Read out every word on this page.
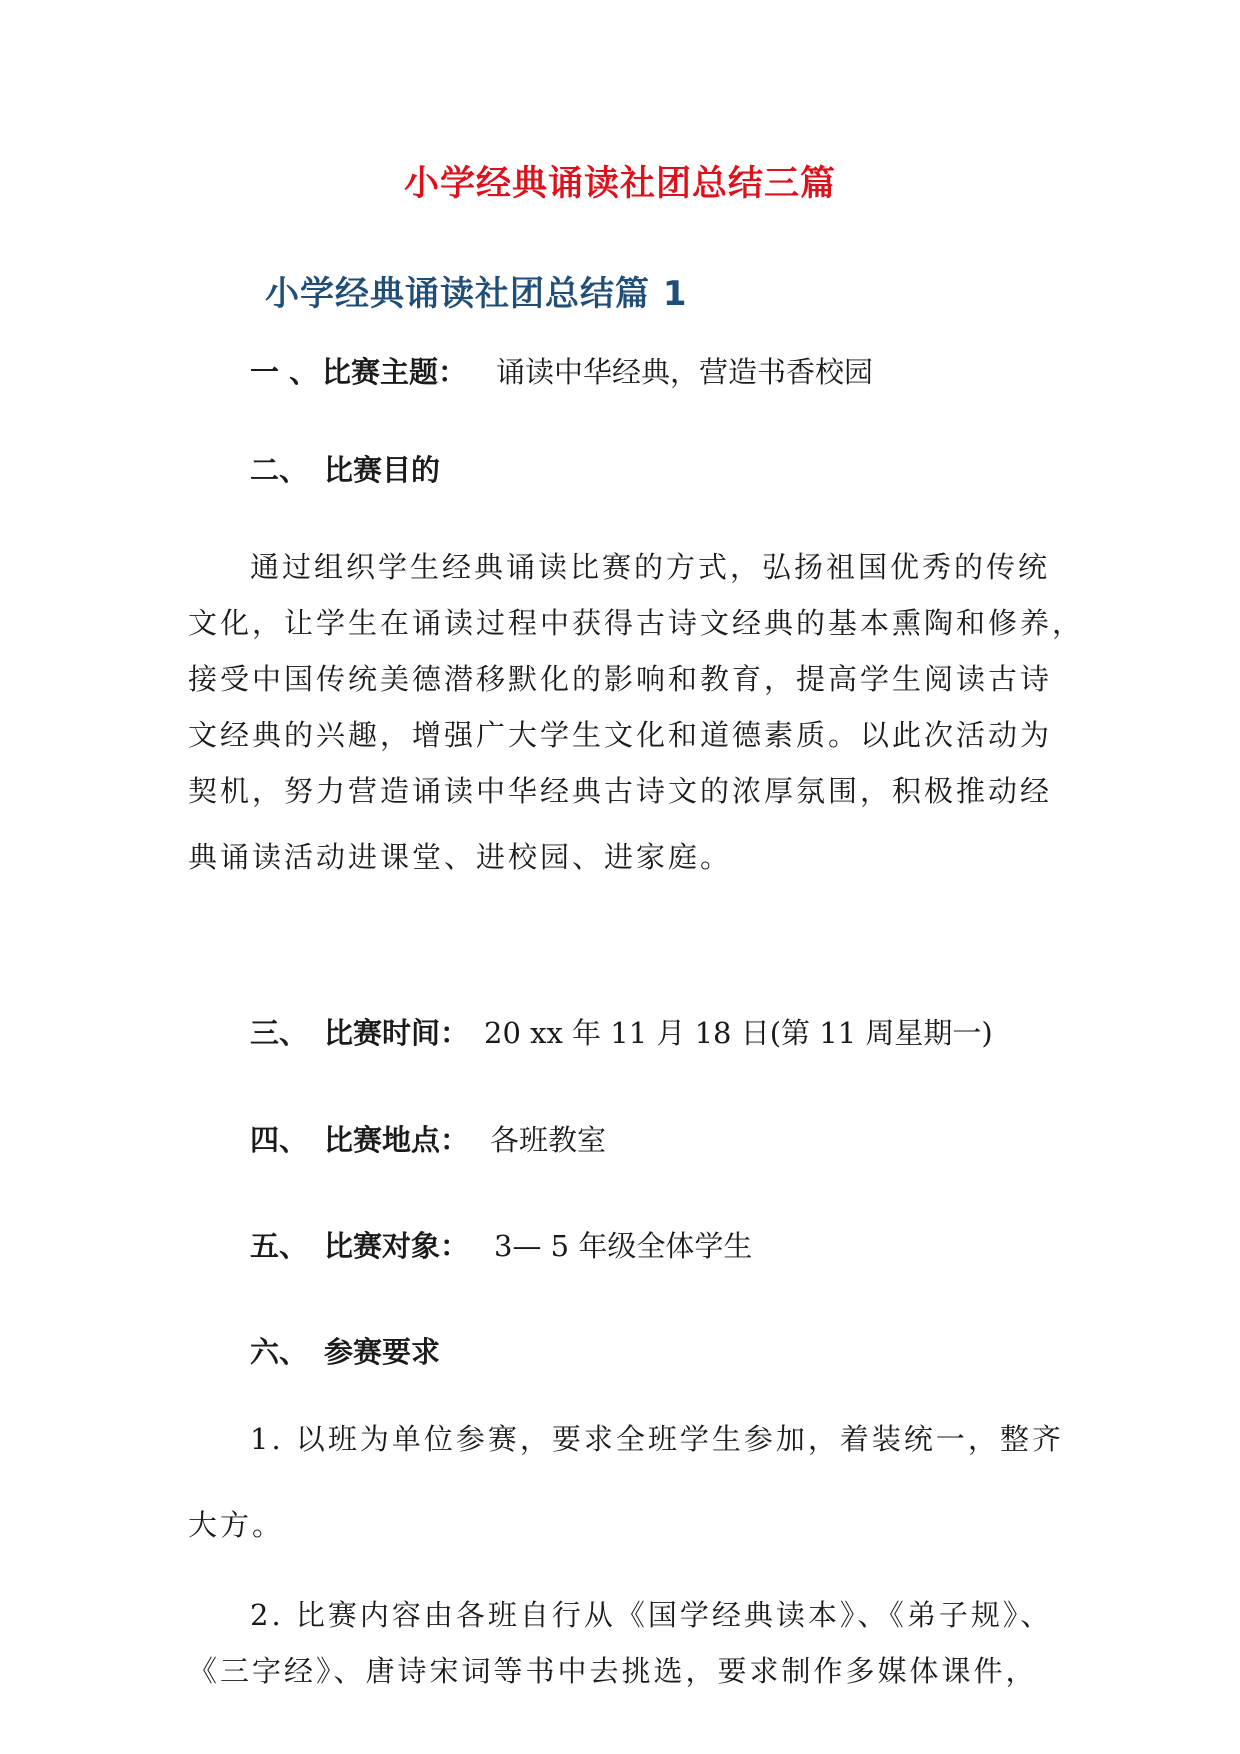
小学经典诵读社团总结三篇
小学经典诵读社团总结篇 1
一 、 比赛主题： 诵读中华经典，营造书香校园
二、 比赛目的
通过组织学生经典诵读比赛的方式，弘扬祖国优秀的传统
文化，让学生在诵读过程中获得古诗文经典的基本熏陶和修养，
接受中国传统美德潜移默化的影响和教育，提高学生阅读古诗
文经典的兴趣，增强广大学生文化和道德素质。以此次活动为
契机，努力营造诵读中华经典古诗文的浓厚氛围，积极推动经
典诵读活动进课堂、进校园、进家庭。
三、 比赛时间： 20 xx 年 11 月 18 日(第 11 周星期一)
四、 比赛地点： 各班教室
五、 比赛对象： 3— 5 年级全体学生
六、 参赛要求
1. 以班为单位参赛，要求全班学生参加，着装统一，整齐
大方。
2. 比赛内容由各班自行从《国学经典读本》、《弟子规》、
《三字经》、唐诗宋词等书中去挑选，要求制作多媒体课件，
